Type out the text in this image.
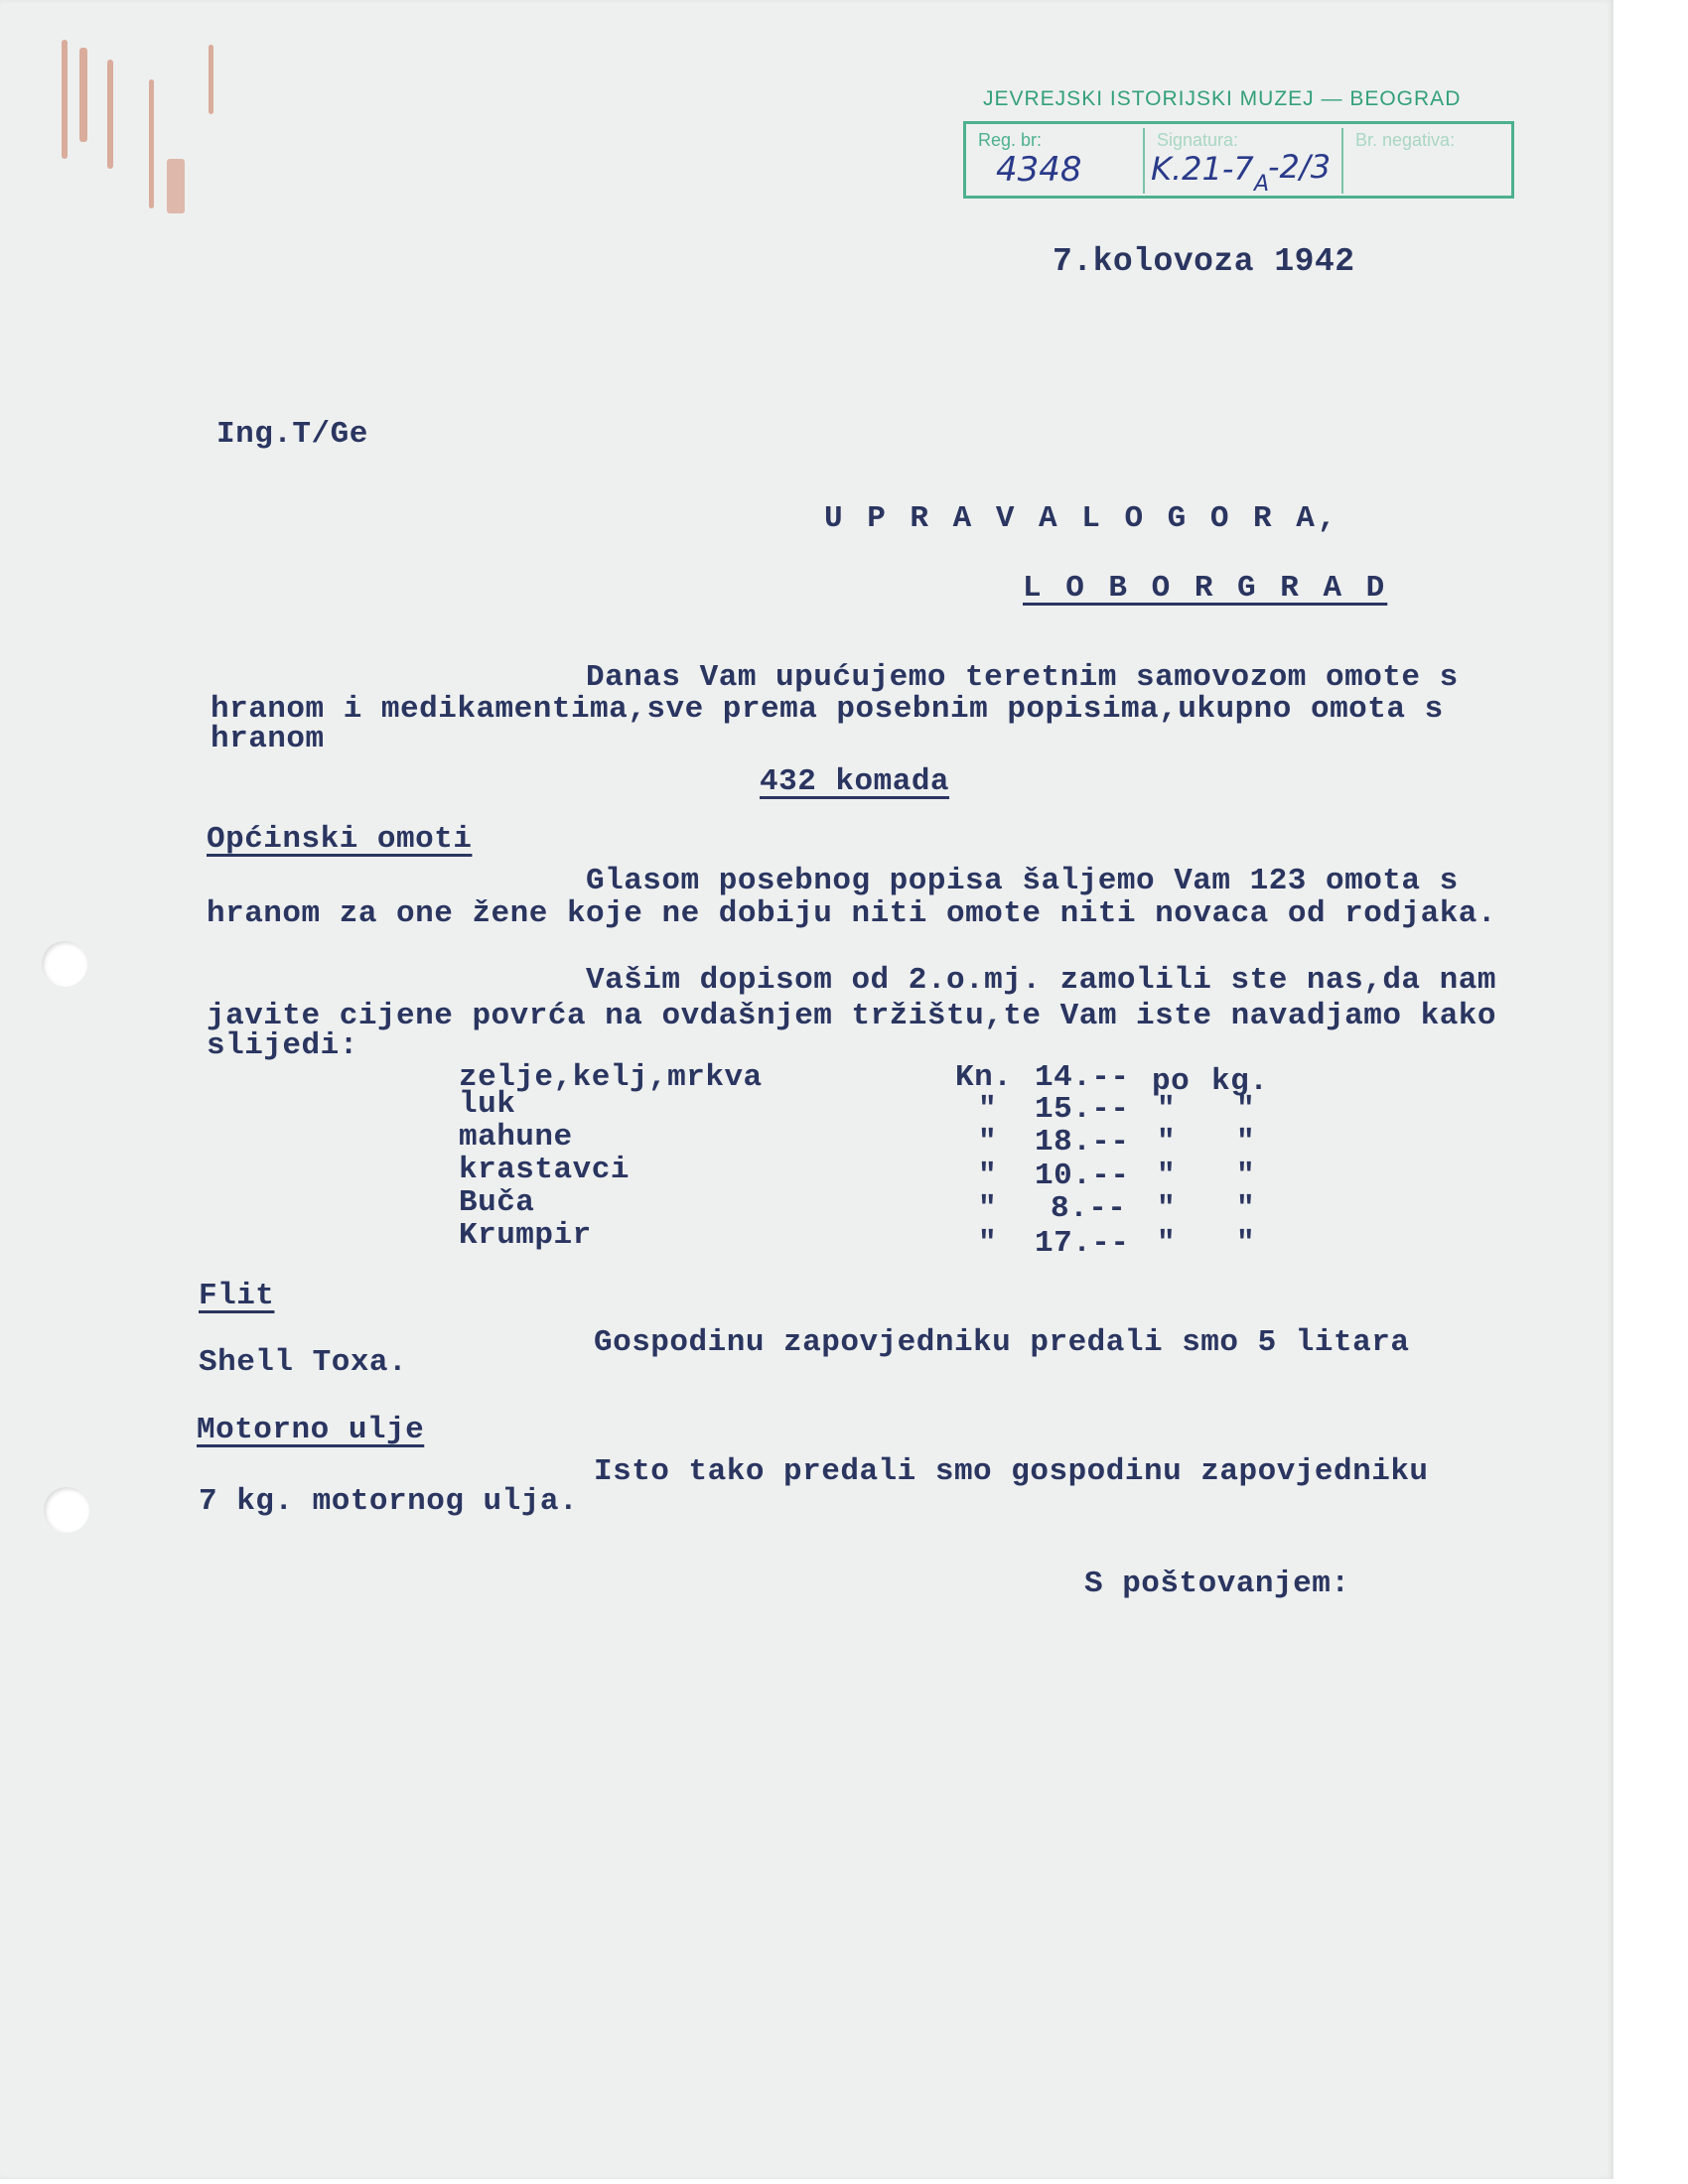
JEVREJSKI ISTORIJSKI MUZEJ — BEOGRAD
Reg. br:
4348
Signatura:
K.21-7 A
-2/3
Br. negativa:
7.kolovoza 1942
Ing.T/Ge
U P R A V A L O G O R A,
L O B O R G R A D
Danas Vam upućujemo teretnim samovozom omote s
hranom i medikamentima,sve prema posebnim popisima,ukupno omota s
hranom
432 komada
Općinski omoti
Glasom posebnog popisa šaljemo Vam 123 omota s
hranom za one žene koje ne dobiju niti omote niti novaca od rodjaka.
Vašim dopisom od 2.o.mj. zamolili ste nas,da nam
javite cijene povrća na ovdašnjem tržištu,te Vam iste navadjamo kako
slijedi:
zelje,kelj,mrkva	Kn. 14.-- po kg.
luk	" 15.-- " "
mahune	" 18.-- " "
krastavci	" 10.-- " "
Buča	" 8.-- " "
Krumpir	" 17.-- " "
Flit
Shell Toxa.
Gospodinu zapovjedniku predali smo 5 litara
Motorno ulje
Isto tako predali smo gospodinu zapovjedniku
7 kg. motornog ulja.
S poštovanjem:
